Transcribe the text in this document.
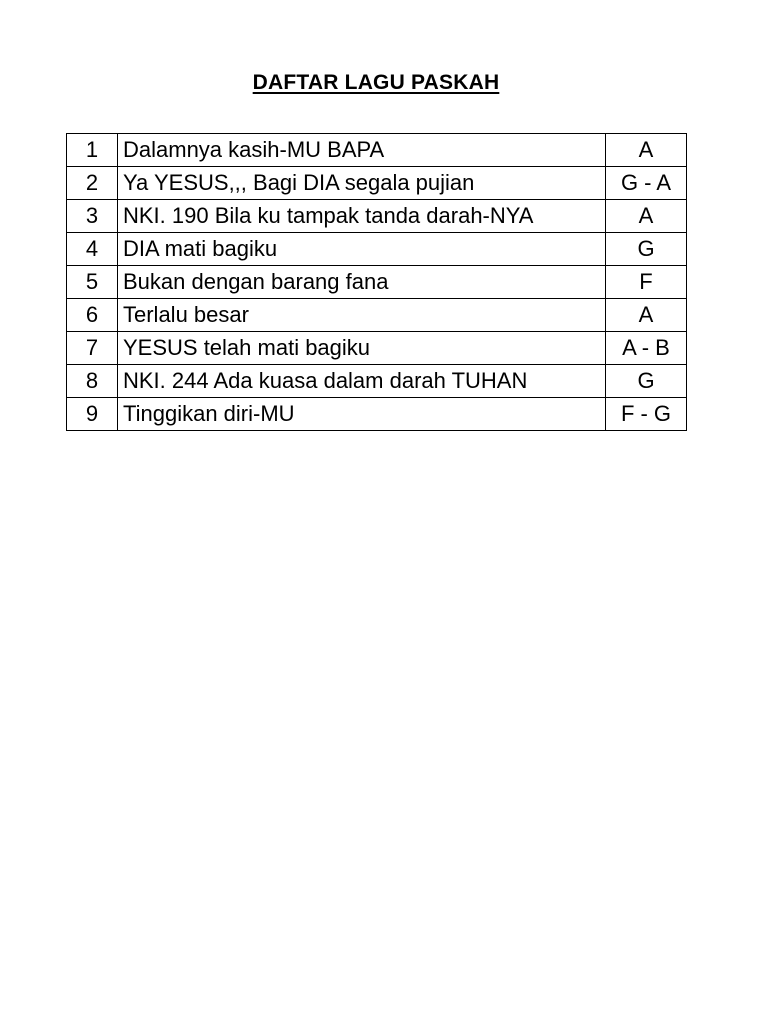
DAFTAR LAGU PASKAH
1	Dalamnya kasih-MU BAPA	A
2	Ya YESUS,,, Bagi DIA segala pujian	G - A
3	NKI. 190 Bila ku tampak tanda darah-NYA	A
4	DIA mati bagiku	G
5	Bukan dengan barang fana	F
6	Terlalu besar	A
7	YESUS telah mati bagiku	A - B
8	NKI. 244 Ada kuasa dalam darah TUHAN	G
9	Tinggikan diri-MU	F - G
